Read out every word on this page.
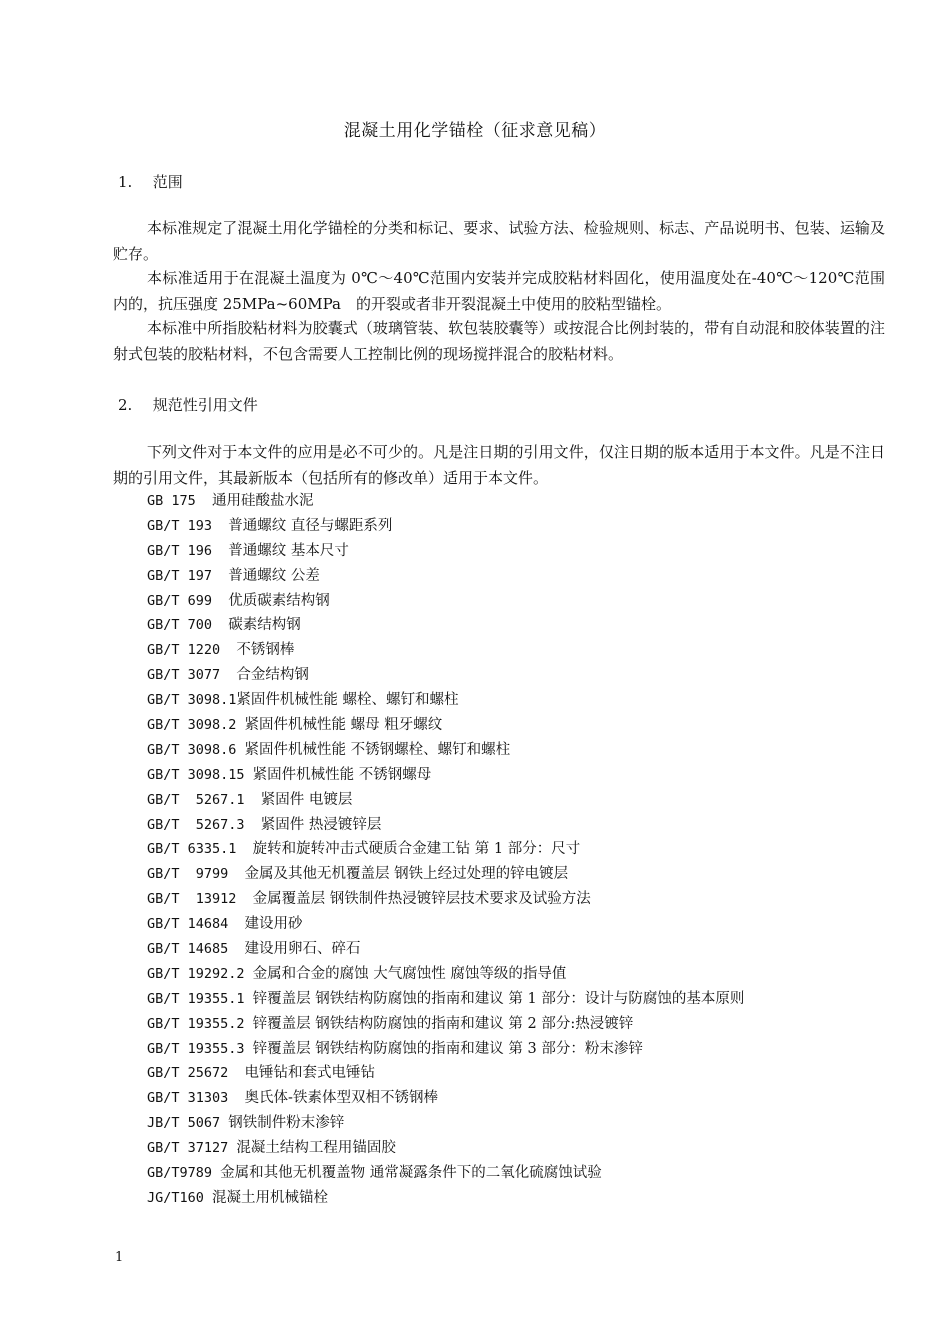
混凝土用化学锚栓（征求意见稿）
1. 范围

本标准规定了混凝土用化学锚栓的分类和标记、要求、试验方法、检验规则、标志、产品说明书、包装、运输及贮存。

本标准适用于在混凝土温度为 0℃～40℃范围内安装并完成胶粘材料固化，使用温度处在-40℃～120℃范围内的，抗压强度 25MPa~60MPa　的开裂或者非开裂混凝土中使用的胶粘型锚栓。

本标准中所指胶粘材料为胶囊式（玻璃管装、软包装胶囊等）或按混合比例封装的，带有自动混和胶体装置的注射式包装的胶粘材料，不包含需要人工控制比例的现场搅拌混合的胶粘材料。

2. 规范性引用文件

下列文件对于本文件的应用是必不可少的。凡是注日期的引用文件，仅注日期的版本适用于本文件。凡是不注日期的引用文件，其最新版本（包括所有的修改单）适用于本文件。

GB 175  通用硅酸盐水泥
GB/T 193  普通螺纹 直径与螺距系列
GB/T 196  普通螺纹 基本尺寸
GB/T 197  普通螺纹 公差
GB/T 699  优质碳素结构钢
GB/T 700  碳素结构钢
GB/T 1220  不锈钢棒
GB/T 3077  合金结构钢
GB/T 3098.1紧固件机械性能 螺栓、螺钉和螺柱
GB/T 3098.2 紧固件机械性能 螺母 粗牙螺纹
GB/T 3098.6 紧固件机械性能 不锈钢螺栓、螺钉和螺柱
GB/T 3098.15 紧固件机械性能 不锈钢螺母
GB/T  5267.1  紧固件 电镀层
GB/T  5267.3  紧固件 热浸镀锌层
GB/T 6335.1  旋转和旋转冲击式硬质合金建工钻 第 1 部分：尺寸
GB/T  9799  金属及其他无机覆盖层 钢铁上经过处理的锌电镀层
GB/T  13912  金属覆盖层 钢铁制件热浸镀锌层技术要求及试验方法
GB/T 14684  建设用砂
GB/T 14685  建设用卵石、碎石
GB/T 19292.2 金属和合金的腐蚀 大气腐蚀性 腐蚀等级的指导值
GB/T 19355.1 锌覆盖层 钢铁结构防腐蚀的指南和建议 第 1 部分：设计与防腐蚀的基本原则
GB/T 19355.2 锌覆盖层 钢铁结构防腐蚀的指南和建议 第 2 部分:热浸镀锌
GB/T 19355.3 锌覆盖层 钢铁结构防腐蚀的指南和建议 第 3 部分：粉末渗锌
GB/T 25672  电锤钻和套式电锤钻
GB/T 31303  奥氏体-铁素体型双相不锈钢棒
JB/T 5067 钢铁制件粉末渗锌
GB/T 37127 混凝土结构工程用锚固胶
GB/T9789 金属和其他无机覆盖物 通常凝露条件下的二氧化硫腐蚀试验
JG/T160 混凝土用机械锚栓
1
